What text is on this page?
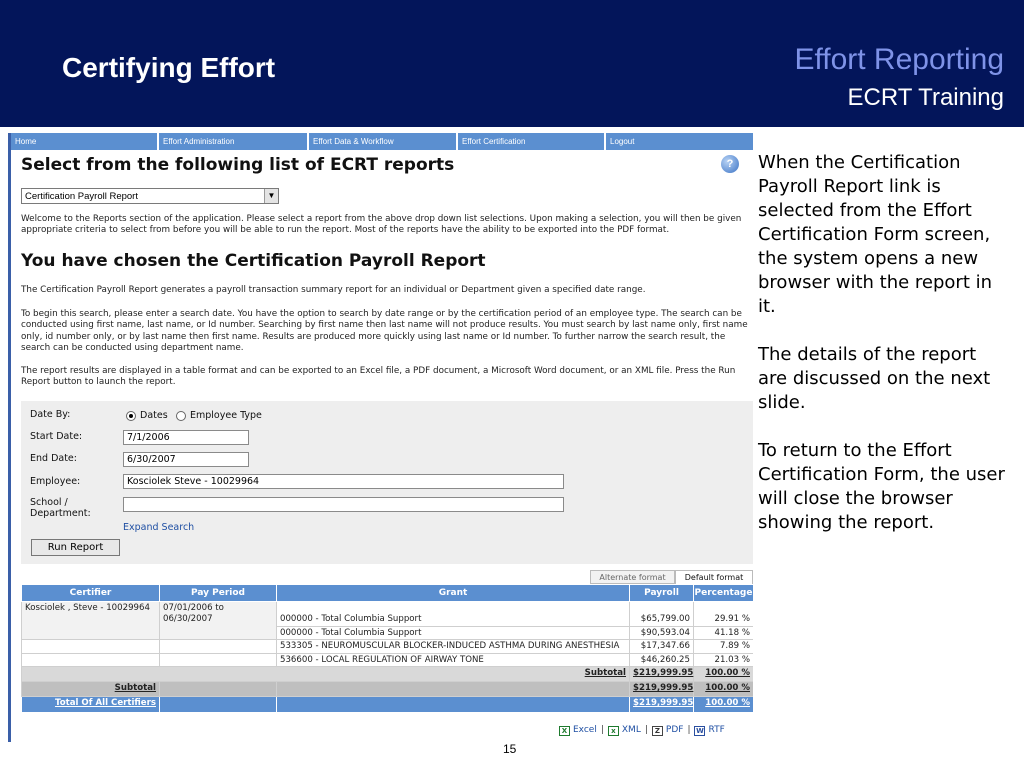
Certifying Effort	Effort Reporting
ECRT Training
Home	Effort Administration	Effort Data & Workflow	Effort Certification	Logout
Select from the following list of ECRT reports	?
Certification Payroll Report	▼
Welcome to the Reports section of the application. Please select a report from the above drop down list selections. Upon making a selection, you will then be given appropriate criteria to select from before you will be able to run the report. Most of the reports have the ability to be exported into the PDF format.
You have chosen the Certification Payroll Report
The Certification Payroll Report generates a payroll transaction summary report for an individual or Department given a specified date range.
To begin this search, please enter a search date. You have the option to search by date range or by the certification period of an employee type. The search can be conducted using first name, last name, or Id number. Searching by first name then last name will not produce results. You must search by last name only, first name only, id number only, or by last name then first name. Results are produced more quickly using last name or Id number. To further narrow the search result, the search can be conducted using department name.
The report results are displayed in a table format and can be exported to an Excel file, a PDF document, a Microsoft Word document, or an XML file. Press the Run Report button to launch the report.
Date By:	Dates Employee Type
Start Date:	7/1/2006
End Date:	6/30/2007
Employee:	Kosciolek Steve - 10029964
School /
Department:
Expand Search
Run Report
Alternate format	Default format
Certifier	Pay Period	Grant	Payroll	Percentage
Kosciolek , Steve - 10029964	07/01/2006 to 06/30/2007	000000 - Total Columbia Support	$65,799.00	29.91 %
		000000 - Total Columbia Support	$90,593.04	41.18 %
		533305 - NEUROMUSCULAR BLOCKER-INDUCED ASTHMA DURING ANESTHESIA	$17,347.66	7.89 %
		536600 - LOCAL REGULATION OF AIRWAY TONE	$46,260.25	21.03 %
Subtotal			$219,999.95	100.00 %
Subtotal			$219,999.95	100.00 %
Total Of All Certifiers			$219,999.95	100.00 %
X Excel | x XML | Z PDF | W RTF

When the Certification Payroll Report link is selected from the Effort Certification Form screen, the system opens a new browser with the report in it.

The details of the report are discussed on the next slide.

To return to the Effort Certification Form, the user will close the browser showing the report.

15
